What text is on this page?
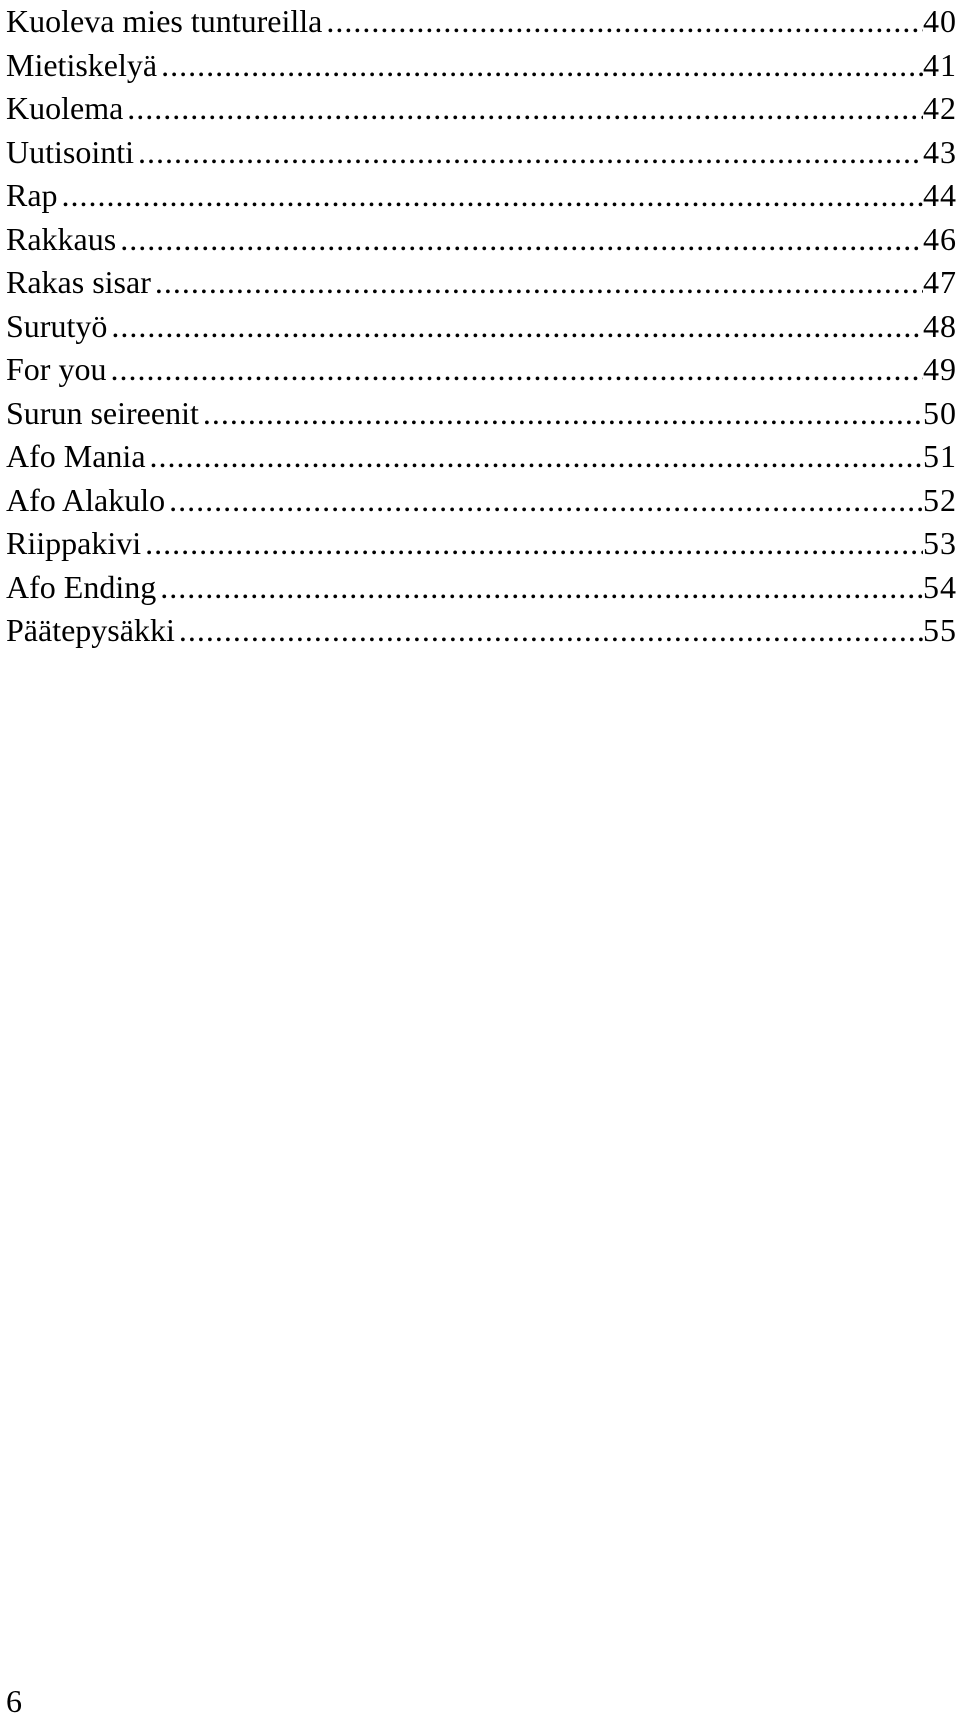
Kuoleva mies tuntureilla .....	40
Mietiskelyä .....	41
Kuolema .....	42
Uutisointi .....	43
Rap .....	44
Rakkaus .....	46
Rakas sisar .....	47
Surutyö .....	48
For you .....	49
Surun seireenit .....	50
Afo Mania .....	51
Afo Alakulo .....	52
Riippakivi .....	53
Afo Ending .....	54
Päätepysäkki .....	55
6
